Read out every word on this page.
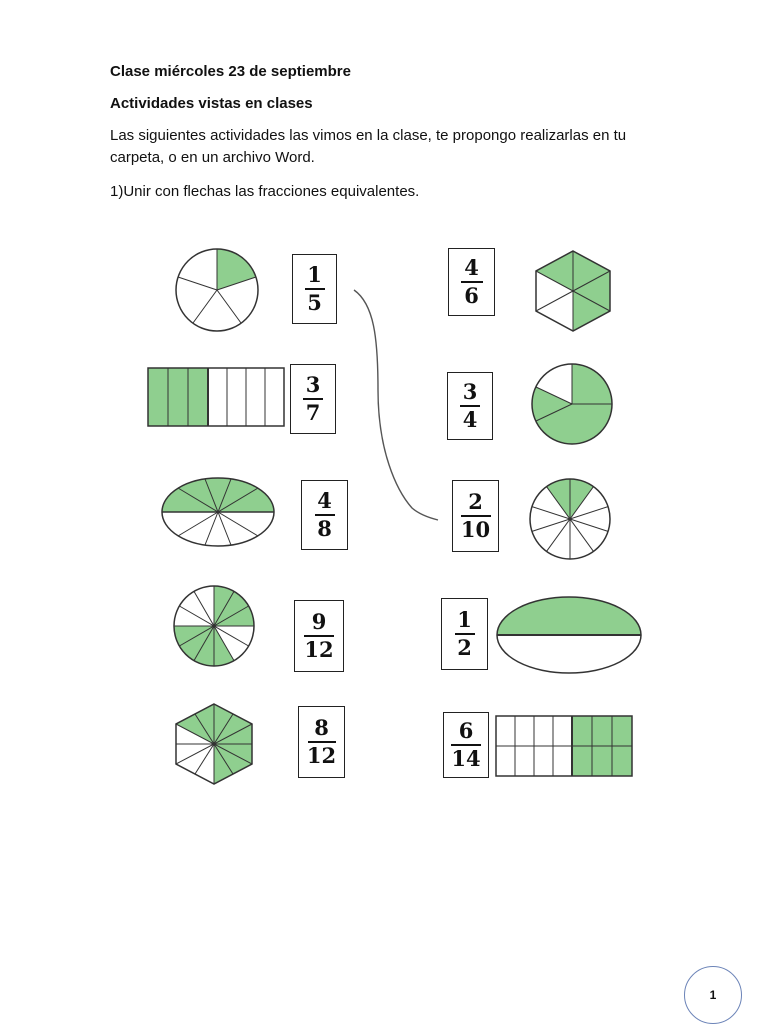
Clase miércoles 23 de septiembre
Actividades vistas en clases
Las siguientes actividades las vimos en la clase, te propongo realizarlas en tu carpeta, o en un archivo Word.
1)Unir con flechas las fracciones equivalentes.
1
5
3
7
4
8
9
12
8
12
4
6
3
4
2
10
1
2
6
14
1
